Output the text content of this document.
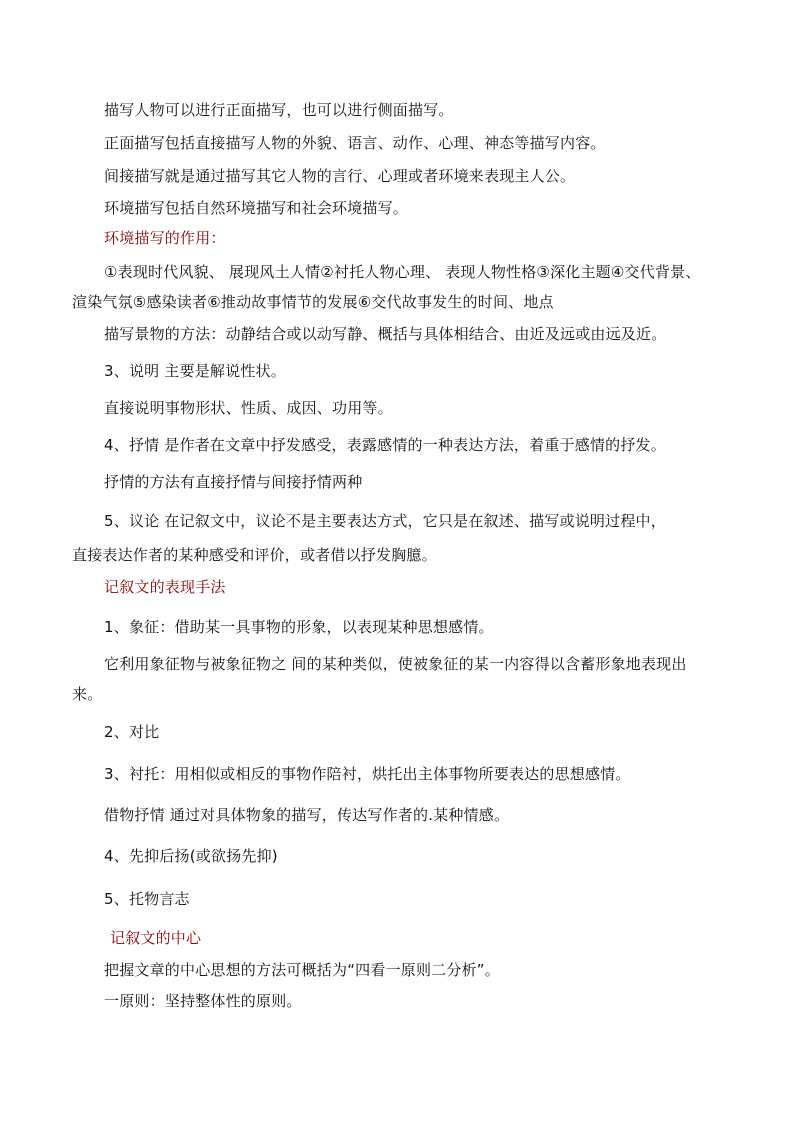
描写人物可以进行正面描写，也可以进行侧面描写。
正面描写包括直接描写人物的外貌、语言、动作、心理、神态等描写内容。
间接描写就是通过描写其它人物的言行、心理或者环境来表现主人公。
环境描写包括自然环境描写和社会环境描写。
环境描写的作用：
①表现时代风貌、 展现风土人情②衬托人物心理、 表现人物性格③深化主题④交代背景、
渲染气氛⑤感染读者⑥推动故事情节的发展⑥交代故事发生的时间、地点
描写景物的方法：动静结合或以动写静、概括与具体相结合、由近及远或由远及近。
3、说明 主要是解说性状。
直接说明事物形状、性质、成因、功用等。
4、抒情 是作者在文章中抒发感受，表露感情的一种表达方法，着重于感情的抒发。
抒情的方法有直接抒情与间接抒情两种
5、议论 在记叙文中，议论不是主要表达方式，它只是在叙述、描写或说明过程中，
直接表达作者的某种感受和评价，或者借以抒发胸臆。
记叙文的表现手法
1、象征：借助某一具事物的形象，以表现某种思想感情。
它利用象征物与被象征物之 间的某种类似，使被象征的某一内容得以含蓄形象地表现出
来。
2、对比
3、衬托：用相似或相反的事物作陪衬，烘托出主体事物所要表达的思想感情。
借物抒情 通过对具体物象的描写，传达写作者的.某种情感。
4、先抑后扬(或欲扬先抑)
5、托物言志
记叙文的中心
把握文章的中心思想的方法可概括为“四看一原则二分析”。
一原则：坚持整体性的原则。
